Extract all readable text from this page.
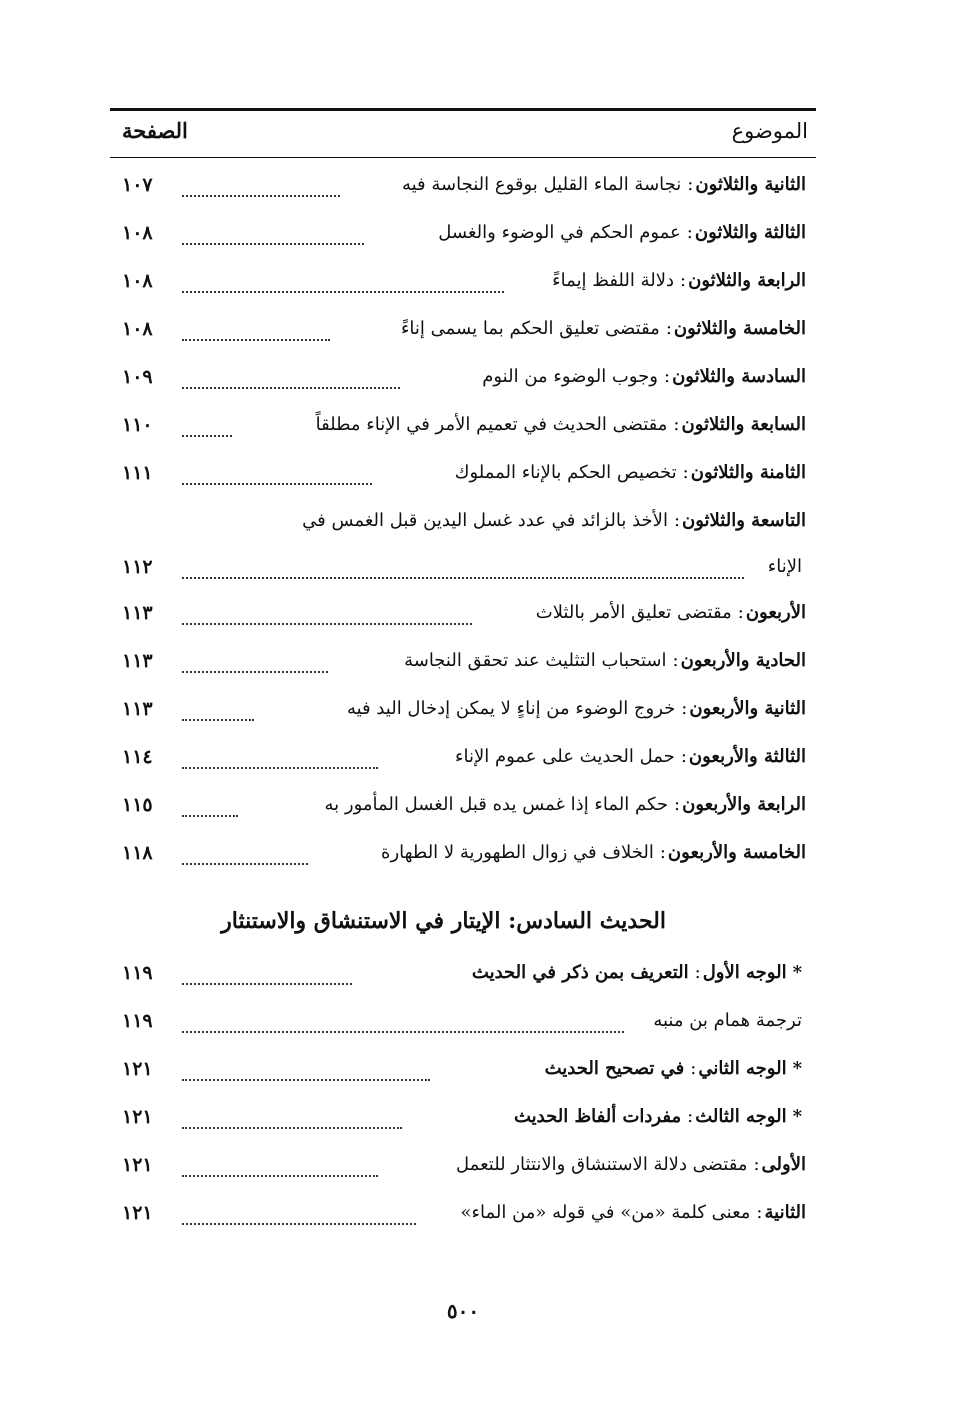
الموضوع
الصفحة
الثانية والثلاثون
:
نجاسة الماء القليل بوقوع النجاسة فيه
١٠٧
الثالثة والثلاثون
:
عموم الحكم في الوضوء والغسل
١٠٨
الرابعة والثلاثون
:
دلالة اللفظ إيماءً
١٠٨
الخامسة والثلاثون
:
مقتضى تعليق الحكم بما يسمى إناءً
١٠٨
السادسة والثلاثون
:
وجوب الوضوء من النوم
١٠٩
السابعة والثلاثون
:
مقتضى الحديث في تعميم الأمر في الإناء مطلقاً
١١٠
الثامنة والثلاثون
:
تخصيص الحكم بالإناء المملوك
١١١
التاسعة والثلاثون
:
الأخذ بالزائد في عدد غسل اليدين قبل الغمس في
الإناء
١١٢
الأربعون
:
مقتضى تعليق الأمر بالثلاث
١١٣
الحادية والأربعون
:
استحباب التثليث عند تحقق النجاسة
١١٣
الثانية والأربعون
:
خروج الوضوء من إناءٍ لا يمكن إدخال اليد فيه
١١٣
الثالثة والأربعون
:
حمل الحديث على عموم الإناء
١١٤
الرابعة والأربعون
:
حكم الماء إذا غمس يده قبل الغسل المأمور به
١١٥
الخامسة والأربعون
:
الخلاف في زوال الطهورية لا الطهارة
١١٨
الحديث السادس: الإيتار في الاستنشاق والاستنثار
*
الوجه الأول
:
التعريف بمن ذكر في الحديث
١١٩
ترجمة همام بن منبه
١١٩
*
الوجه الثاني
:
في تصحيح الحديث
١٢١
*
الوجه الثالث
:
مفردات ألفاظ الحديث
١٢١
الأولى
:
مقتضى دلالة الاستنشاق والانتثار للتعمل
١٢١
الثانية
:
معنى كلمة «من» في قوله «من الماء»
١٢١
٥٠٠
